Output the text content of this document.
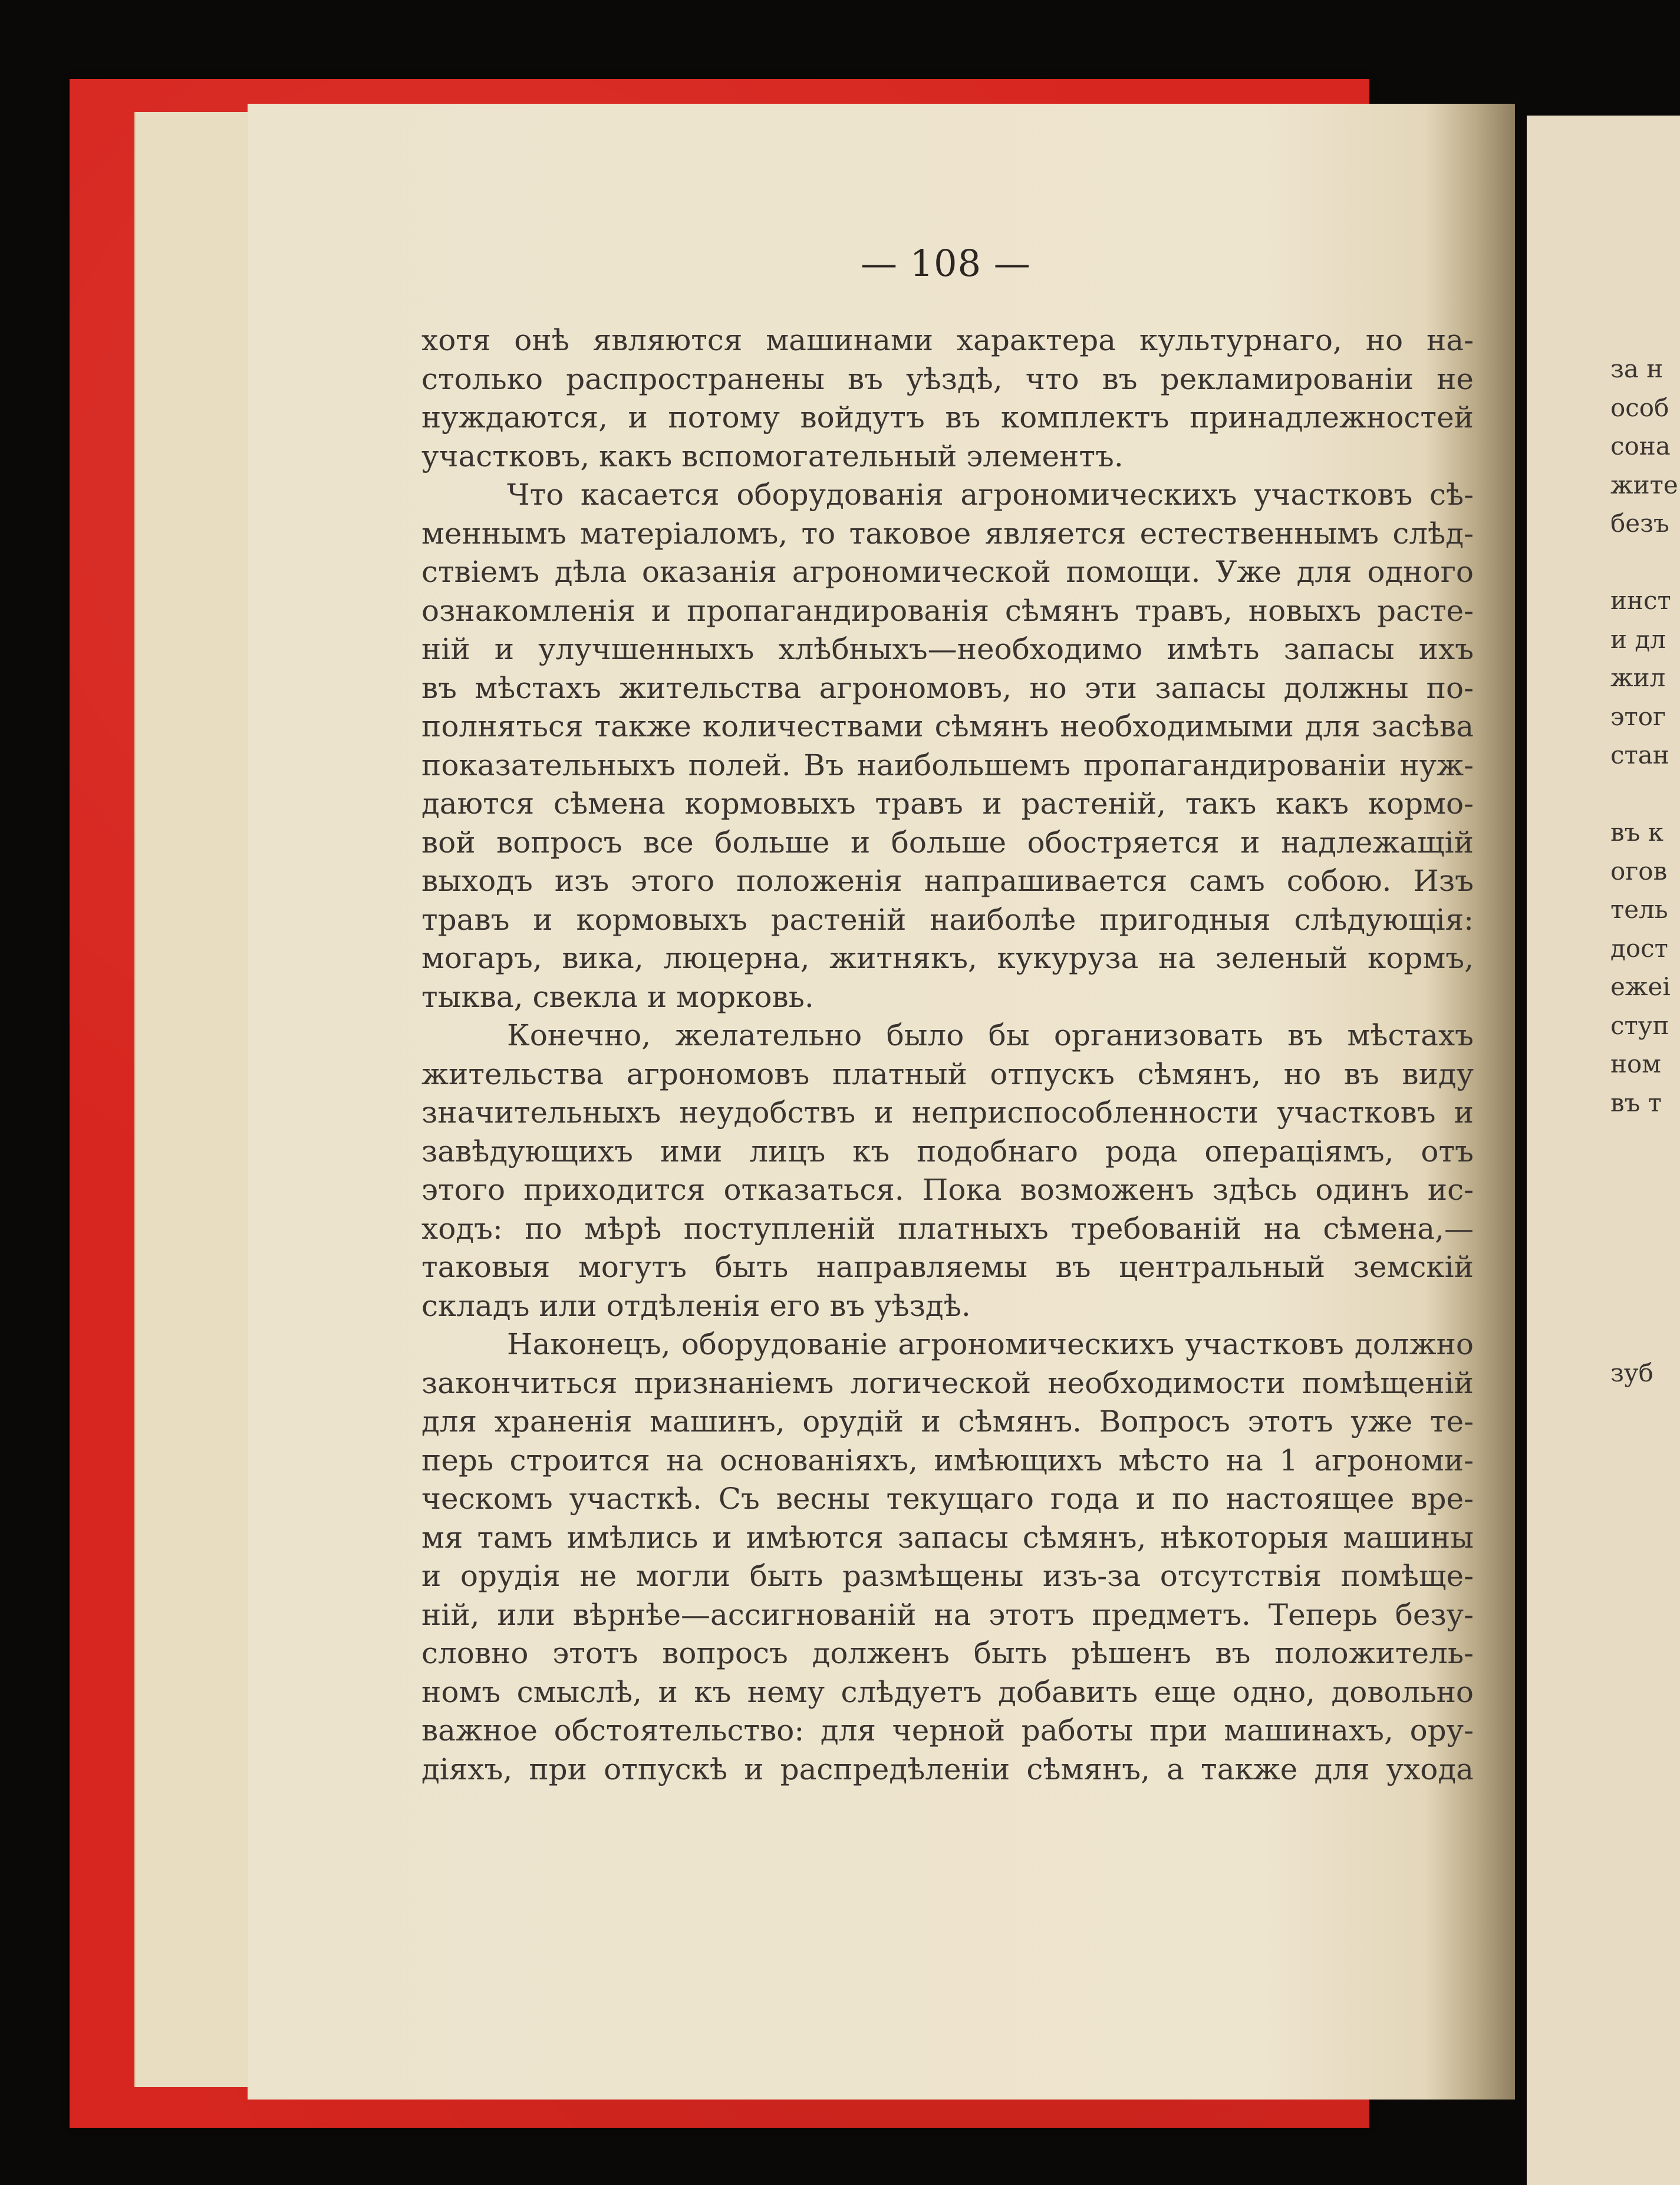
— 108 —
хотя онѣ являются машинами характера культурнаго, но на-
столько распространены въ уѣздѣ, что въ рекламированіи не
нуждаются, и потому войдутъ въ комплектъ принадлежностей
участковъ, какъ вспомогательный элементъ.
Что касается оборудованія агрономическихъ участковъ сѣ-
меннымъ матеріаломъ, то таковое является естественнымъ слѣд-
ствіемъ дѣла оказанія агрономической помощи. Уже для одного
ознакомленія и пропагандированія сѣмянъ травъ, новыхъ расте-
ній и улучшенныхъ хлѣбныхъ—необходимо имѣть запасы ихъ
въ мѣстахъ жительства агрономовъ, но эти запасы должны по-
полняться также количествами сѣмянъ необходимыми для засѣва
показательныхъ полей. Въ наибольшемъ пропагандированіи нуж-
даются сѣмена кормовыхъ травъ и растеній, такъ какъ кормо-
вой вопросъ все больше и больше обостряется и надлежащій
выходъ изъ этого положенія напрашивается самъ собою. Изъ
травъ и кормовыхъ растеній наиболѣе пригодныя слѣдующія:
могаръ, вика, люцерна, житнякъ, кукуруза на зеленый кормъ,
тыква, свекла и морковь.
Конечно, желательно было бы организовать въ мѣстахъ
жительства агрономовъ платный отпускъ сѣмянъ, но въ виду
значительныхъ неудобствъ и неприспособленности участковъ и
завѣдующихъ ими лицъ къ подобнаго рода операціямъ, отъ
этого приходится отказаться. Пока возможенъ здѣсь одинъ ис-
ходъ: по мѣрѣ поступленій платныхъ требованій на сѣмена,—
таковыя могутъ быть направляемы въ центральный земскій
складъ или отдѣленія его въ уѣздѣ.
Наконецъ, оборудованіе агрономическихъ участковъ должно
закончиться признаніемъ логической необходимости помѣщеній
для храненія машинъ, орудій и сѣмянъ. Вопросъ этотъ уже те-
перь строится на основаніяхъ, имѣющихъ мѣсто на 1 агрономи-
ческомъ участкѣ. Съ весны текущаго года и по настоящее вре-
мя тамъ имѣлись и имѣются запасы сѣмянъ, нѣкоторыя машины
и орудія не могли быть размѣщены изъ-за отсутствія помѣще-
ній, или вѣрнѣе—ассигнованій на этотъ предметъ. Теперь безу-
словно этотъ вопросъ долженъ быть рѣшенъ въ положитель-
номъ смыслѣ, и къ нему слѣдуетъ добавить еще одно, довольно
важное обстоятельство: для черной работы при машинахъ, ору-
діяхъ, при отпускѣ и распредѣленіи сѣмянъ, а также для ухода
за н
особ
сона
жите
безъ
инст
и дл
жил
этог
стан
въ к
огов
тель
дост
ежеі
ступ
ном
въ т
зуб
